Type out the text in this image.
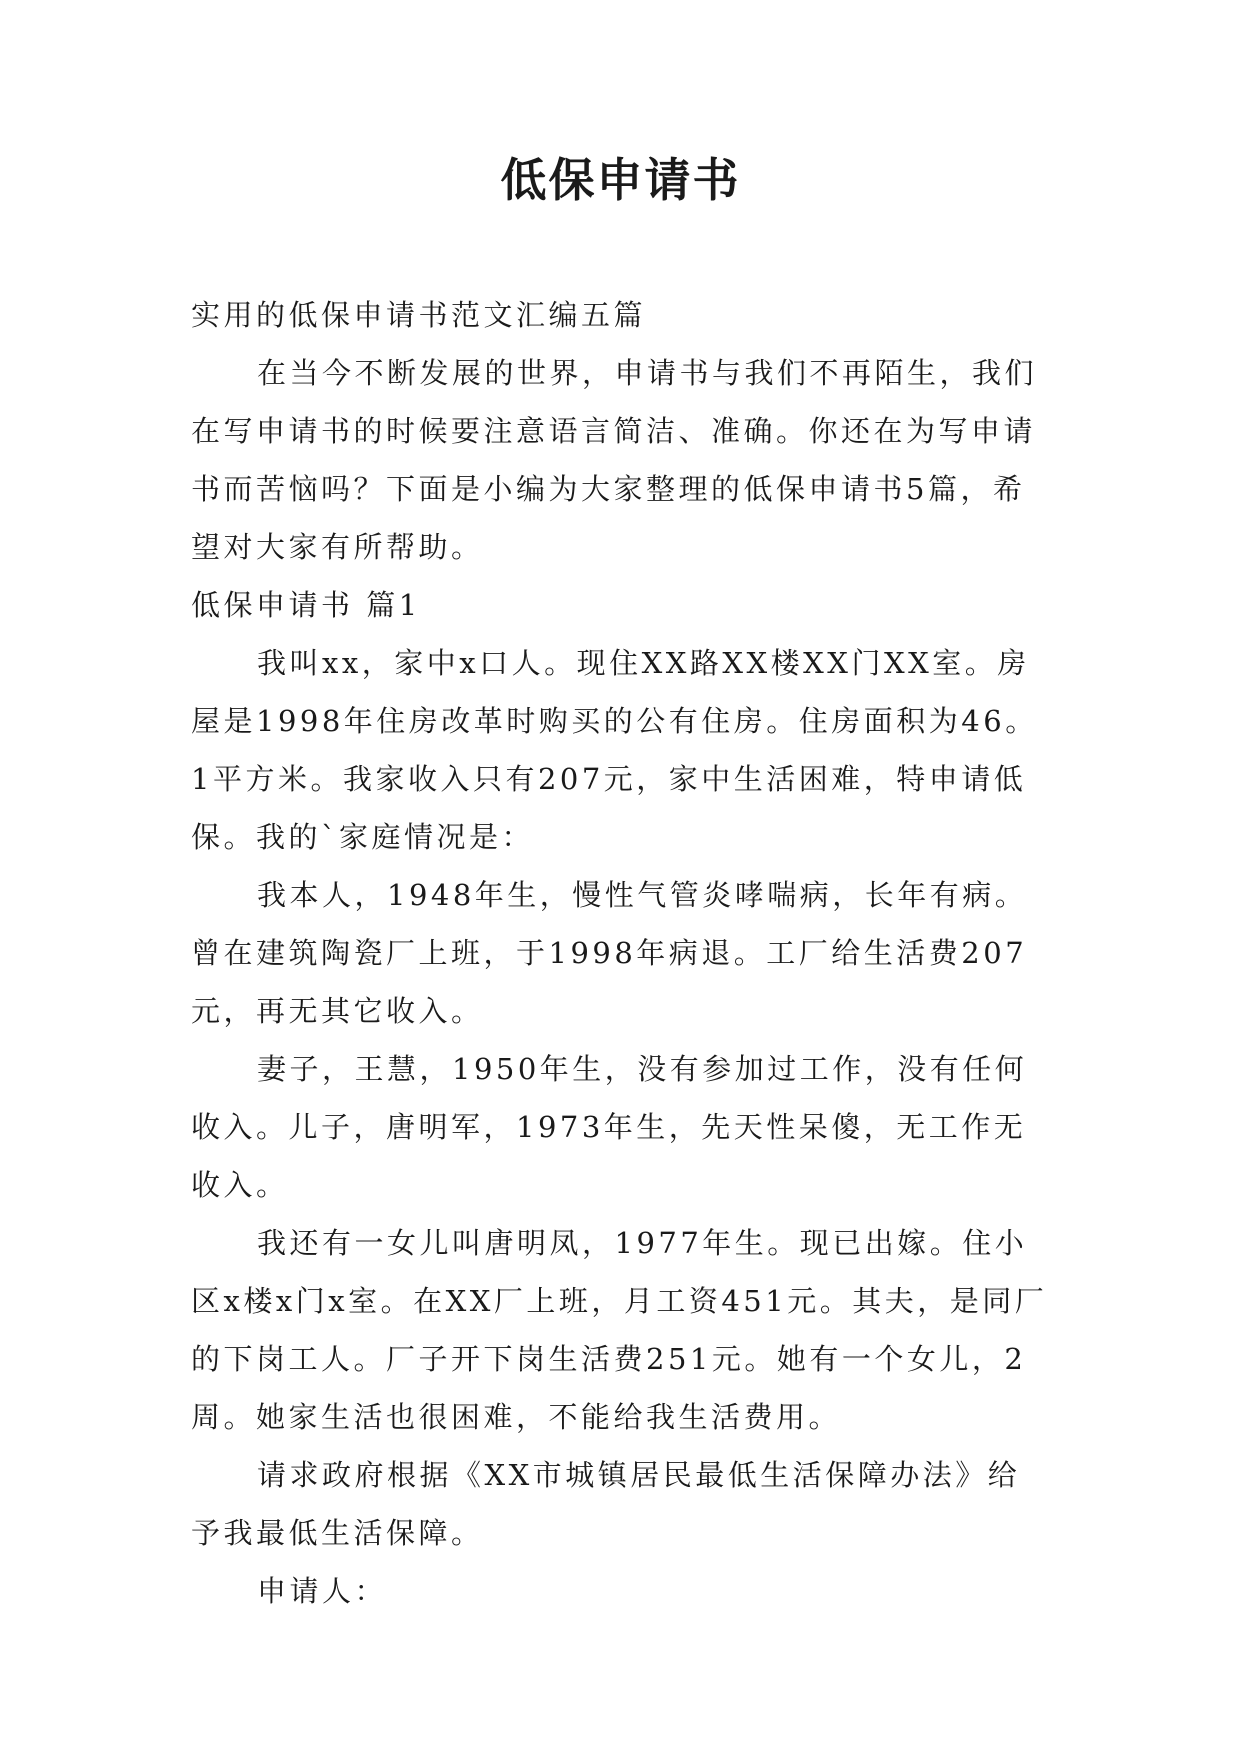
低保申请书

实用的低保申请书范文汇编五篇

在当今不断发展的世界，申请书与我们不再陌生，我们在写申请书的时候要注意语言简洁、准确。你还在为写申请书而苦恼吗？下面是小编为大家整理的低保申请书5篇，希望对大家有所帮助。

低保申请书 篇1

我叫xx，家中x口人。现住XX路XX楼XX门XX室。房屋是1998年住房改革时购买的公有住房。住房面积为46。1平方米。我家收入只有207元，家中生活困难，特申请低保。我的`家庭情况是：

我本人，1948年生，慢性气管炎哮喘病，长年有病。曾在建筑陶瓷厂上班，于1998年病退。工厂给生活费207元，再无其它收入。

妻子，王慧，1950年生，没有参加过工作，没有任何收入。儿子，唐明军，1973年生，先天性呆傻，无工作无收入。

我还有一女儿叫唐明凤，1977年生。现已出嫁。住小区x楼x门x室。在XX厂上班，月工资451元。其夫，是同厂的下岗工人。厂子开下岗生活费251元。她有一个女儿，2周。她家生活也很困难，不能给我生活费用。

请求政府根据《XX市城镇居民最低生活保障办法》给予我最低生活保障。

申请人：
